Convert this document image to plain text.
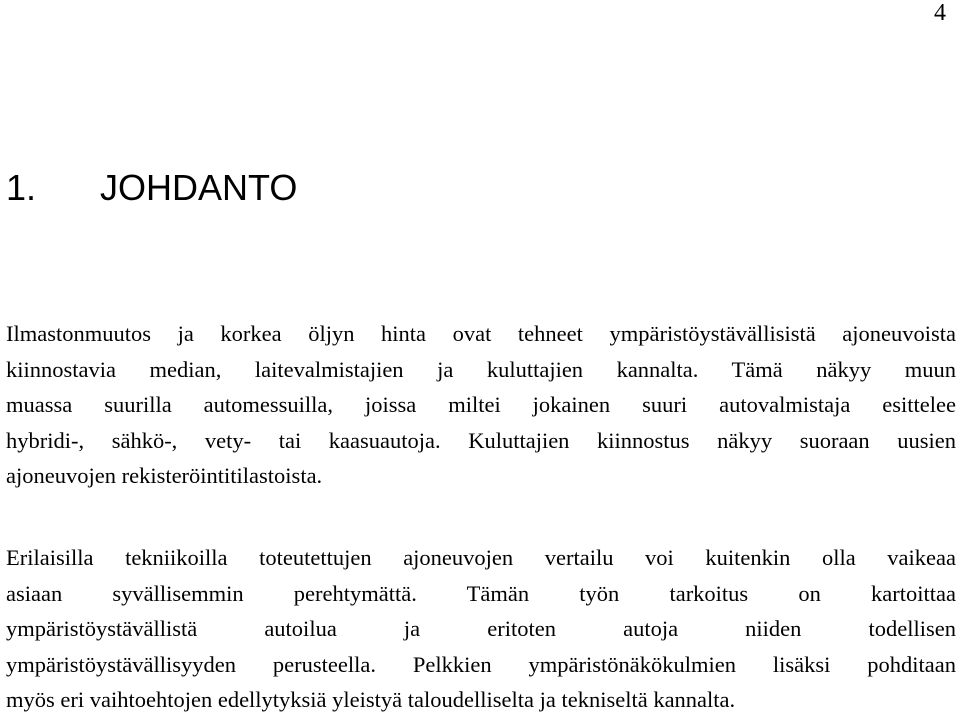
4
1. JOHDANTO

Ilmastonmuutos ja korkea öljyn hinta ovat tehneet ympäristöystävällisistä ajoneuvoista
kiinnostavia median, laitevalmistajien ja kuluttajien kannalta. Tämä näkyy muun
muassa suurilla automessuilla, joissa miltei jokainen suuri autovalmistaja esittelee
hybridi-, sähkö-, vety- tai kaasuautoja. Kuluttajien kiinnostus näkyy suoraan uusien
ajoneuvojen rekisteröintitilastoista.

Erilaisilla tekniikoilla toteutettujen ajoneuvojen vertailu voi kuitenkin olla vaikeaa
asiaan syvällisemmin perehtymättä. Tämän työn tarkoitus on kartoittaa
ympäristöystävällistä autoilua ja eritoten autoja niiden todellisen
ympäristöystävällisyyden perusteella. Pelkkien ympäristönäkökulmien lisäksi pohditaan
myös eri vaihtoehtojen edellytyksiä yleistyä taloudelliselta ja tekniseltä kannalta.
